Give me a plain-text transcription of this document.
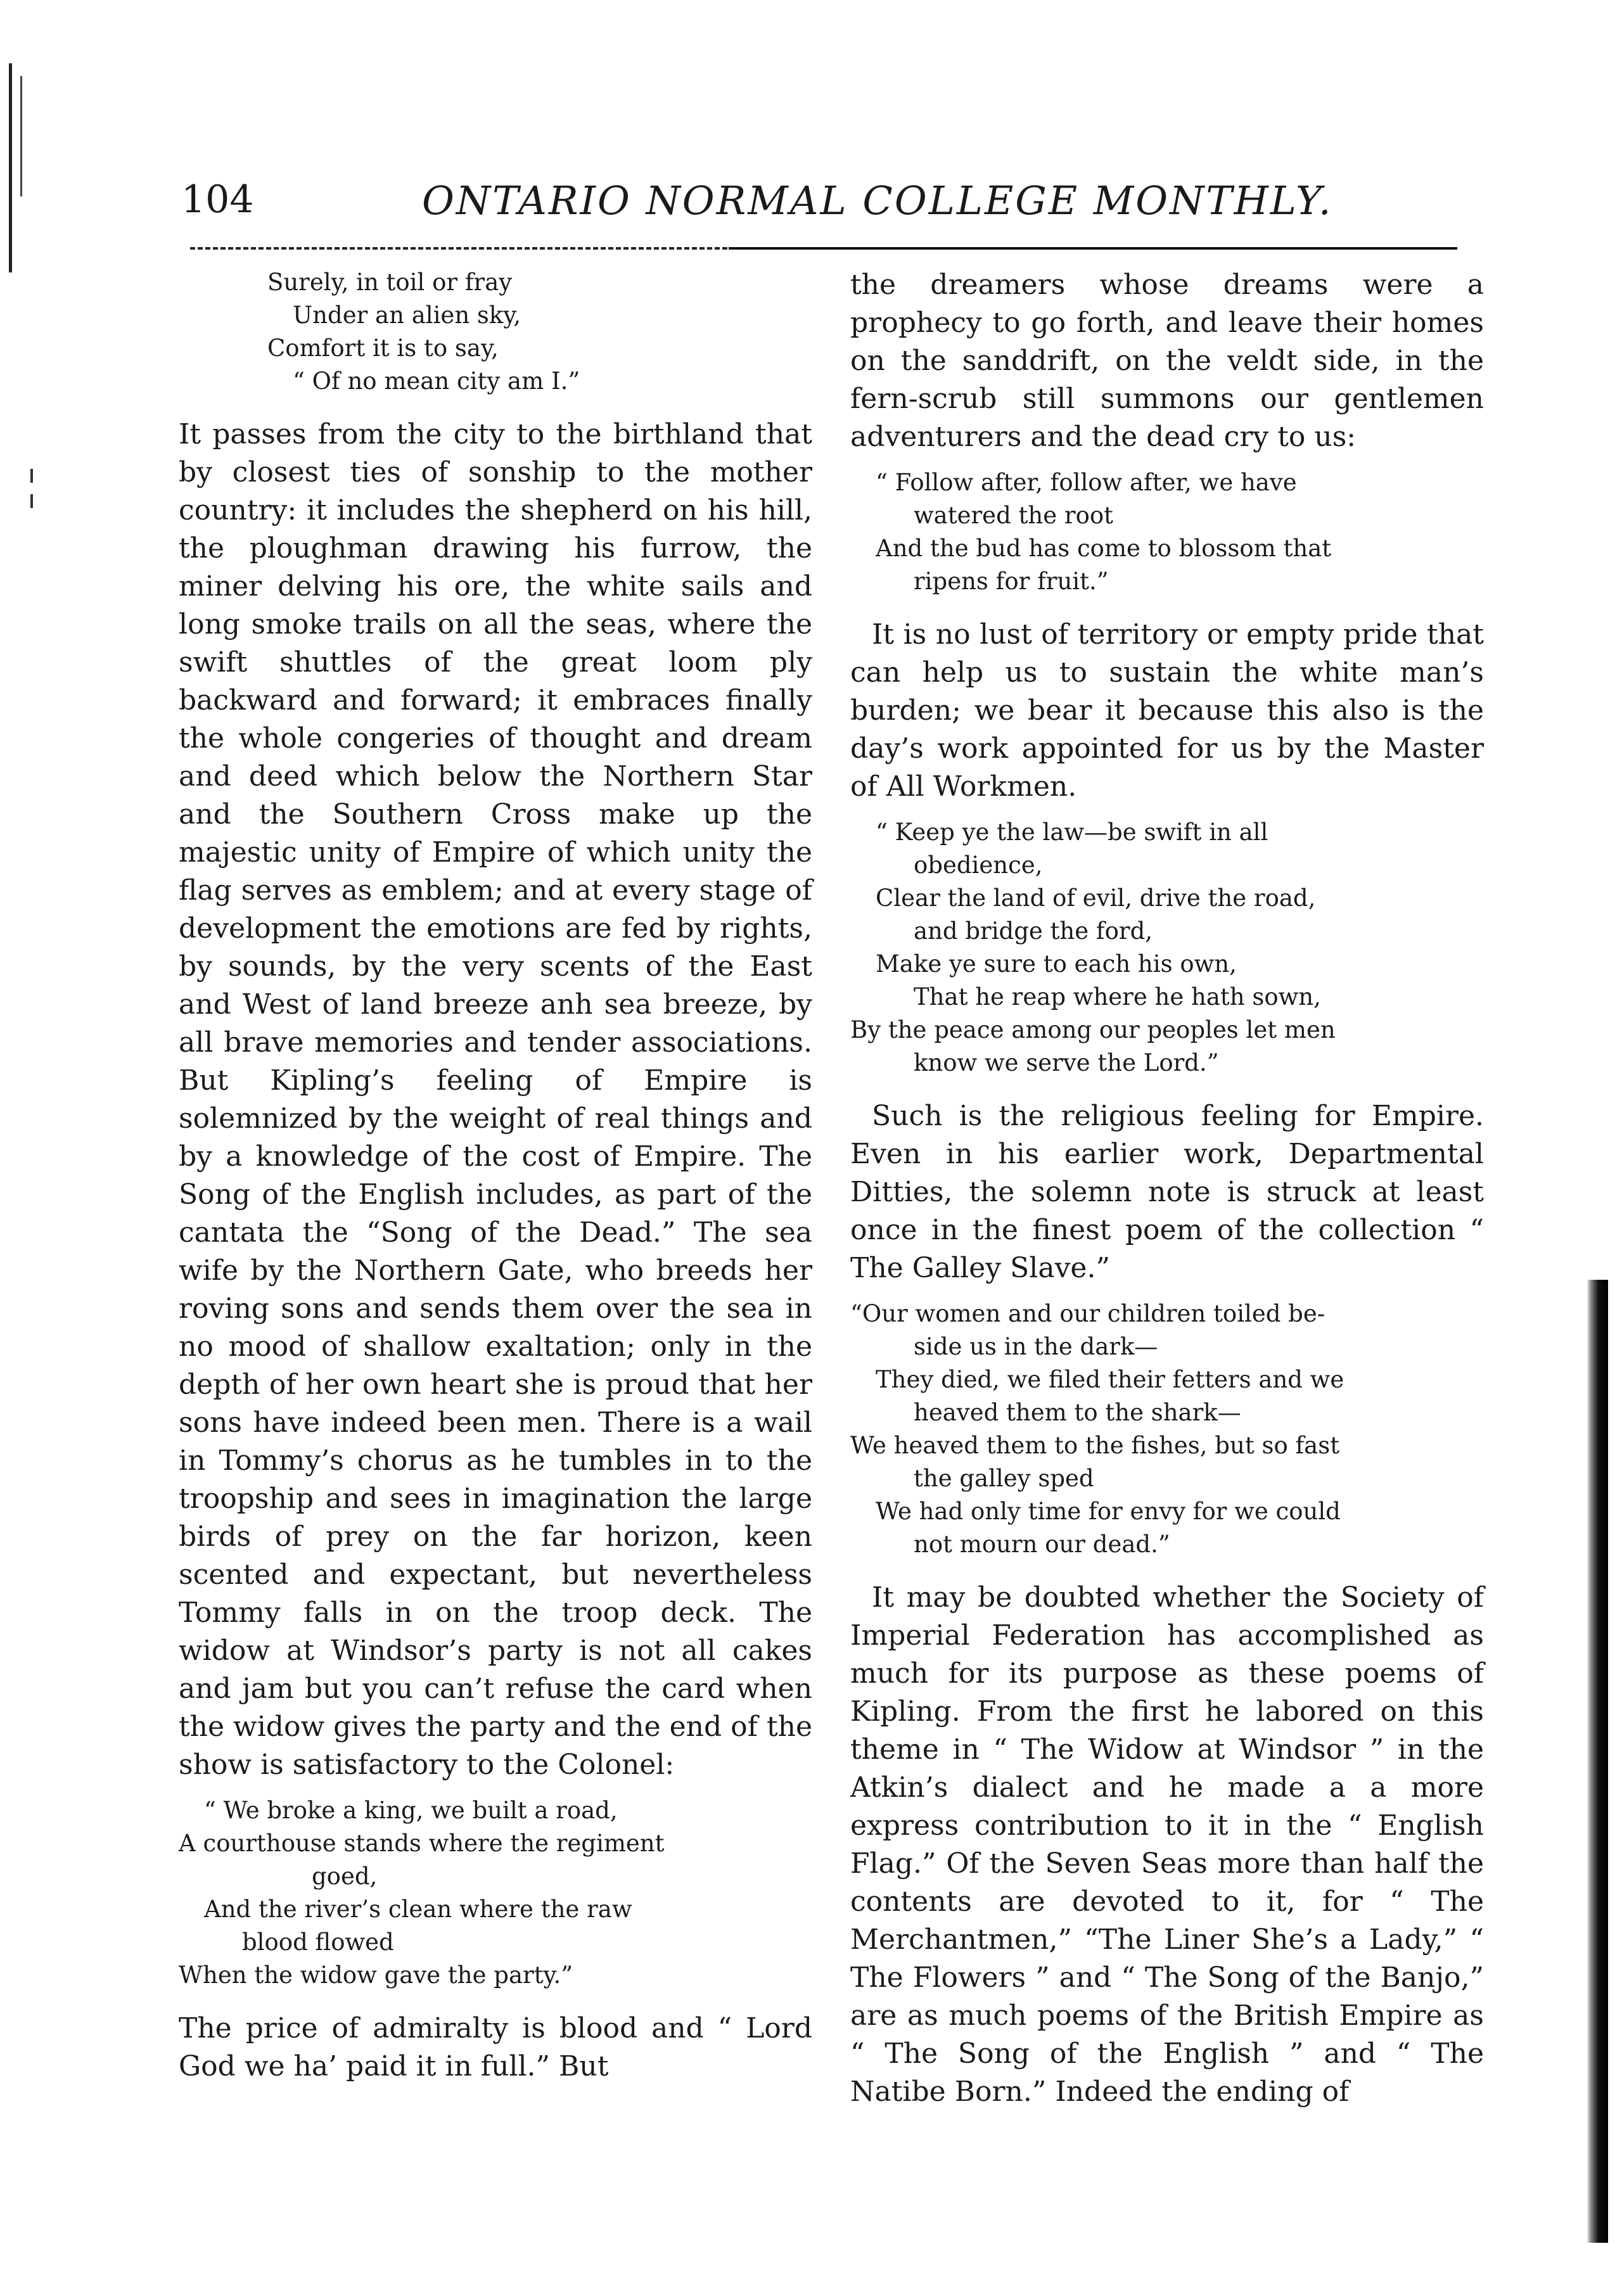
104	ONTARIO NORMAL COLLEGE MONTHLY.
Surely, in toil or fray
Under an alien sky,
Comfort it is to say,
“ Of no mean city am I.”

It passes from the city to the birthland that by closest ties of sonship to the mother country: it includes the shepherd on his hill, the ploughman drawing his furrow, the miner delving his ore, the white sails and long smoke trails on all the seas, where the swift shuttles of the great loom ply backward and forward; it embraces finally the whole congeries of thought and dream and deed which below the Northern Star and the Southern Cross make up the majestic unity of Empire of which unity the flag serves as emblem; and at every stage of development the emotions are fed by rights, by sounds, by the very scents of the East and West of land breeze anh sea breeze, by all brave memories and tender associations. But Kipling’s feeling of Empire is solemnized by the weight of real things and by a knowledge of the cost of Empire. The Song of the English includes, as part of the cantata the “Song of the Dead.” The sea wife by the Northern Gate, who breeds her roving sons and sends them over the sea in no mood of shallow exaltation; only in the depth of her own heart she is proud that her sons have indeed been men. There is a wail in Tommy’s chorus as he tumbles in to the troopship and sees in imagination the large birds of prey on the far horizon, keen scented and expectant, but nevertheless Tommy falls in on the troop deck. The widow at Windsor’s party is not all cakes and jam but you can’t refuse the card when the widow gives the party and the end of the show is satisfactory to the Colonel:

“ We broke a king, we built a road,
A courthouse stands where the regiment
goed,
And the river’s clean where the raw
blood flowed
When the widow gave the party.”

The price of admiralty is blood and “ Lord God we ha’ paid it in full.” But

the dreamers whose dreams were a prophecy to go forth, and leave their homes on the sanddrift, on the veldt side, in the fern-scrub still summons our gentlemen adventurers and the dead cry to us:

“ Follow after, follow after, we have
watered the root
And the bud has come to blossom that
ripens for fruit.”

It is no lust of territory or empty pride that can help us to sustain the white man’s burden; we bear it because this also is the day’s work appointed for us by the Master of All Workmen.

“ Keep ye the law—be swift in all
obedience,
Clear the land of evil, drive the road,
and bridge the ford,
Make ye sure to each his own,
That he reap where he hath sown,
By the peace among our peoples let men
know we serve the Lord.”

Such is the religious feeling for Empire. Even in his earlier work, Departmental Ditties, the solemn note is struck at least once in the finest poem of the collection “ The Galley Slave.”

“Our women and our children toiled be-
side us in the dark—
They died, we filed their fetters and we
heaved them to the shark—
We heaved them to the fishes, but so fast
the galley sped
We had only time for envy for we could
not mourn our dead.”

It may be doubted whether the Society of Imperial Federation has accomplished as much for its purpose as these poems of Kipling. From the first he labored on this theme in “ The Widow at Windsor ” in the Atkin’s dialect and he made a a more express contribution to it in the “ English Flag.” Of the Seven Seas more than half the contents are devoted to it, for “ The Merchantmen,” “The Liner She’s a Lady,” “ The Flowers ” and “ The Song of the Banjo,” are as much poems of the British Empire as “ The Song of the English ” and “ The Natibe Born.” Indeed the ending of
